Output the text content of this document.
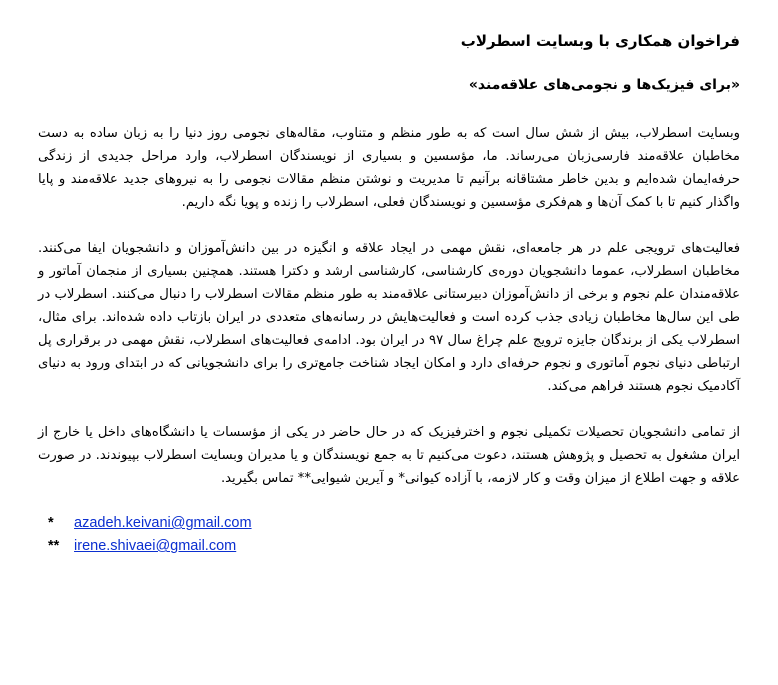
فراخوان همکاری با وبسایت اسطرلاب
«برای فیزیک‌ها و نجومی‌های علاقه‌مند»

وبسایت اسطرلاب، بیش از شش سال است که به طور منظم و متناوب، مقاله‌های نجومی روز دنیا را به زبان ساده به دست مخاطبان علاقه‌مند فارسی‌زبان می‌رساند. ما، مؤسسین و بسیاری از نویسندگان اسطرلاب، وارد مراحل جدیدی از زندگی حرفه‌ایمان شده‌ایم و بدین خاطر مشتاقانه برآنیم تا مدیریت و نوشتن منظم مقالات نجومی را به نیروهای جدید علاقه‌مند و پایا واگذار کنیم تا با کمک آن‌ها و هم‌فکری مؤسسین و نویسندگان فعلی، اسطرلاب را زنده و پویا نگه داریم.

فعالیت‌های ترویجی علم در هر جامعه‌ای، نقش مهمی در ایجاد علاقه و انگیزه در بین دانش‌آموزان و دانشجویان ایفا می‌کنند. مخاطبان اسطرلاب، عموما دانشجویان دوره‌ی کارشناسی، کارشناسی ارشد و دکترا هستند. همچنین بسیاری از منجمان آماتور و علاقه‌مندان علم نجوم و برخی از دانش‌آموزان دبیرستانی علاقه‌مند به طور منظم مقالات اسطرلاب را دنبال می‌کنند. اسطرلاب در طی این سال‌ها مخاطبان زیادی جذب کرده است و فعالیت‌هایش در رسانه‌های متعددی در ایران بازتاب داده شده‌اند. برای مثال، اسطرلاب یکی از برندگان جایزه ترویج علم چراغ سال ۹۷ در ایران بود. ادامه‌ی فعالیت‌های اسطرلاب، نقش مهمی در برقراری پل ارتباطی دنیای نجوم آماتوری و نجوم حرفه‌ای دارد و امکان ایجاد شناخت جامع‌تری را برای دانشجویانی که در ابتدای ورود به دنیای آکادمیک نجوم هستند فراهم می‌کند.

از تمامی دانشجویان تحصیلات تکمیلی نجوم و اخترفیزیک که در حال حاضر در یکی از مؤسسات یا دانشگاه‌های داخل یا خارج از ایران مشغول به تحصیل و پژوهش هستند، دعوت می‌کنیم تا به جمع نویسندگان و یا مدیران وبسایت اسطرلاب بپیوندند. در صورت علاقه و جهت اطلاع از میزان وقت و کار لازمه، با آزاده کیوانی* و آیرین شیوایی** تماس بگیرید.

* azadeh.keivani@gmail.com
** irene.shivaei@gmail.com
